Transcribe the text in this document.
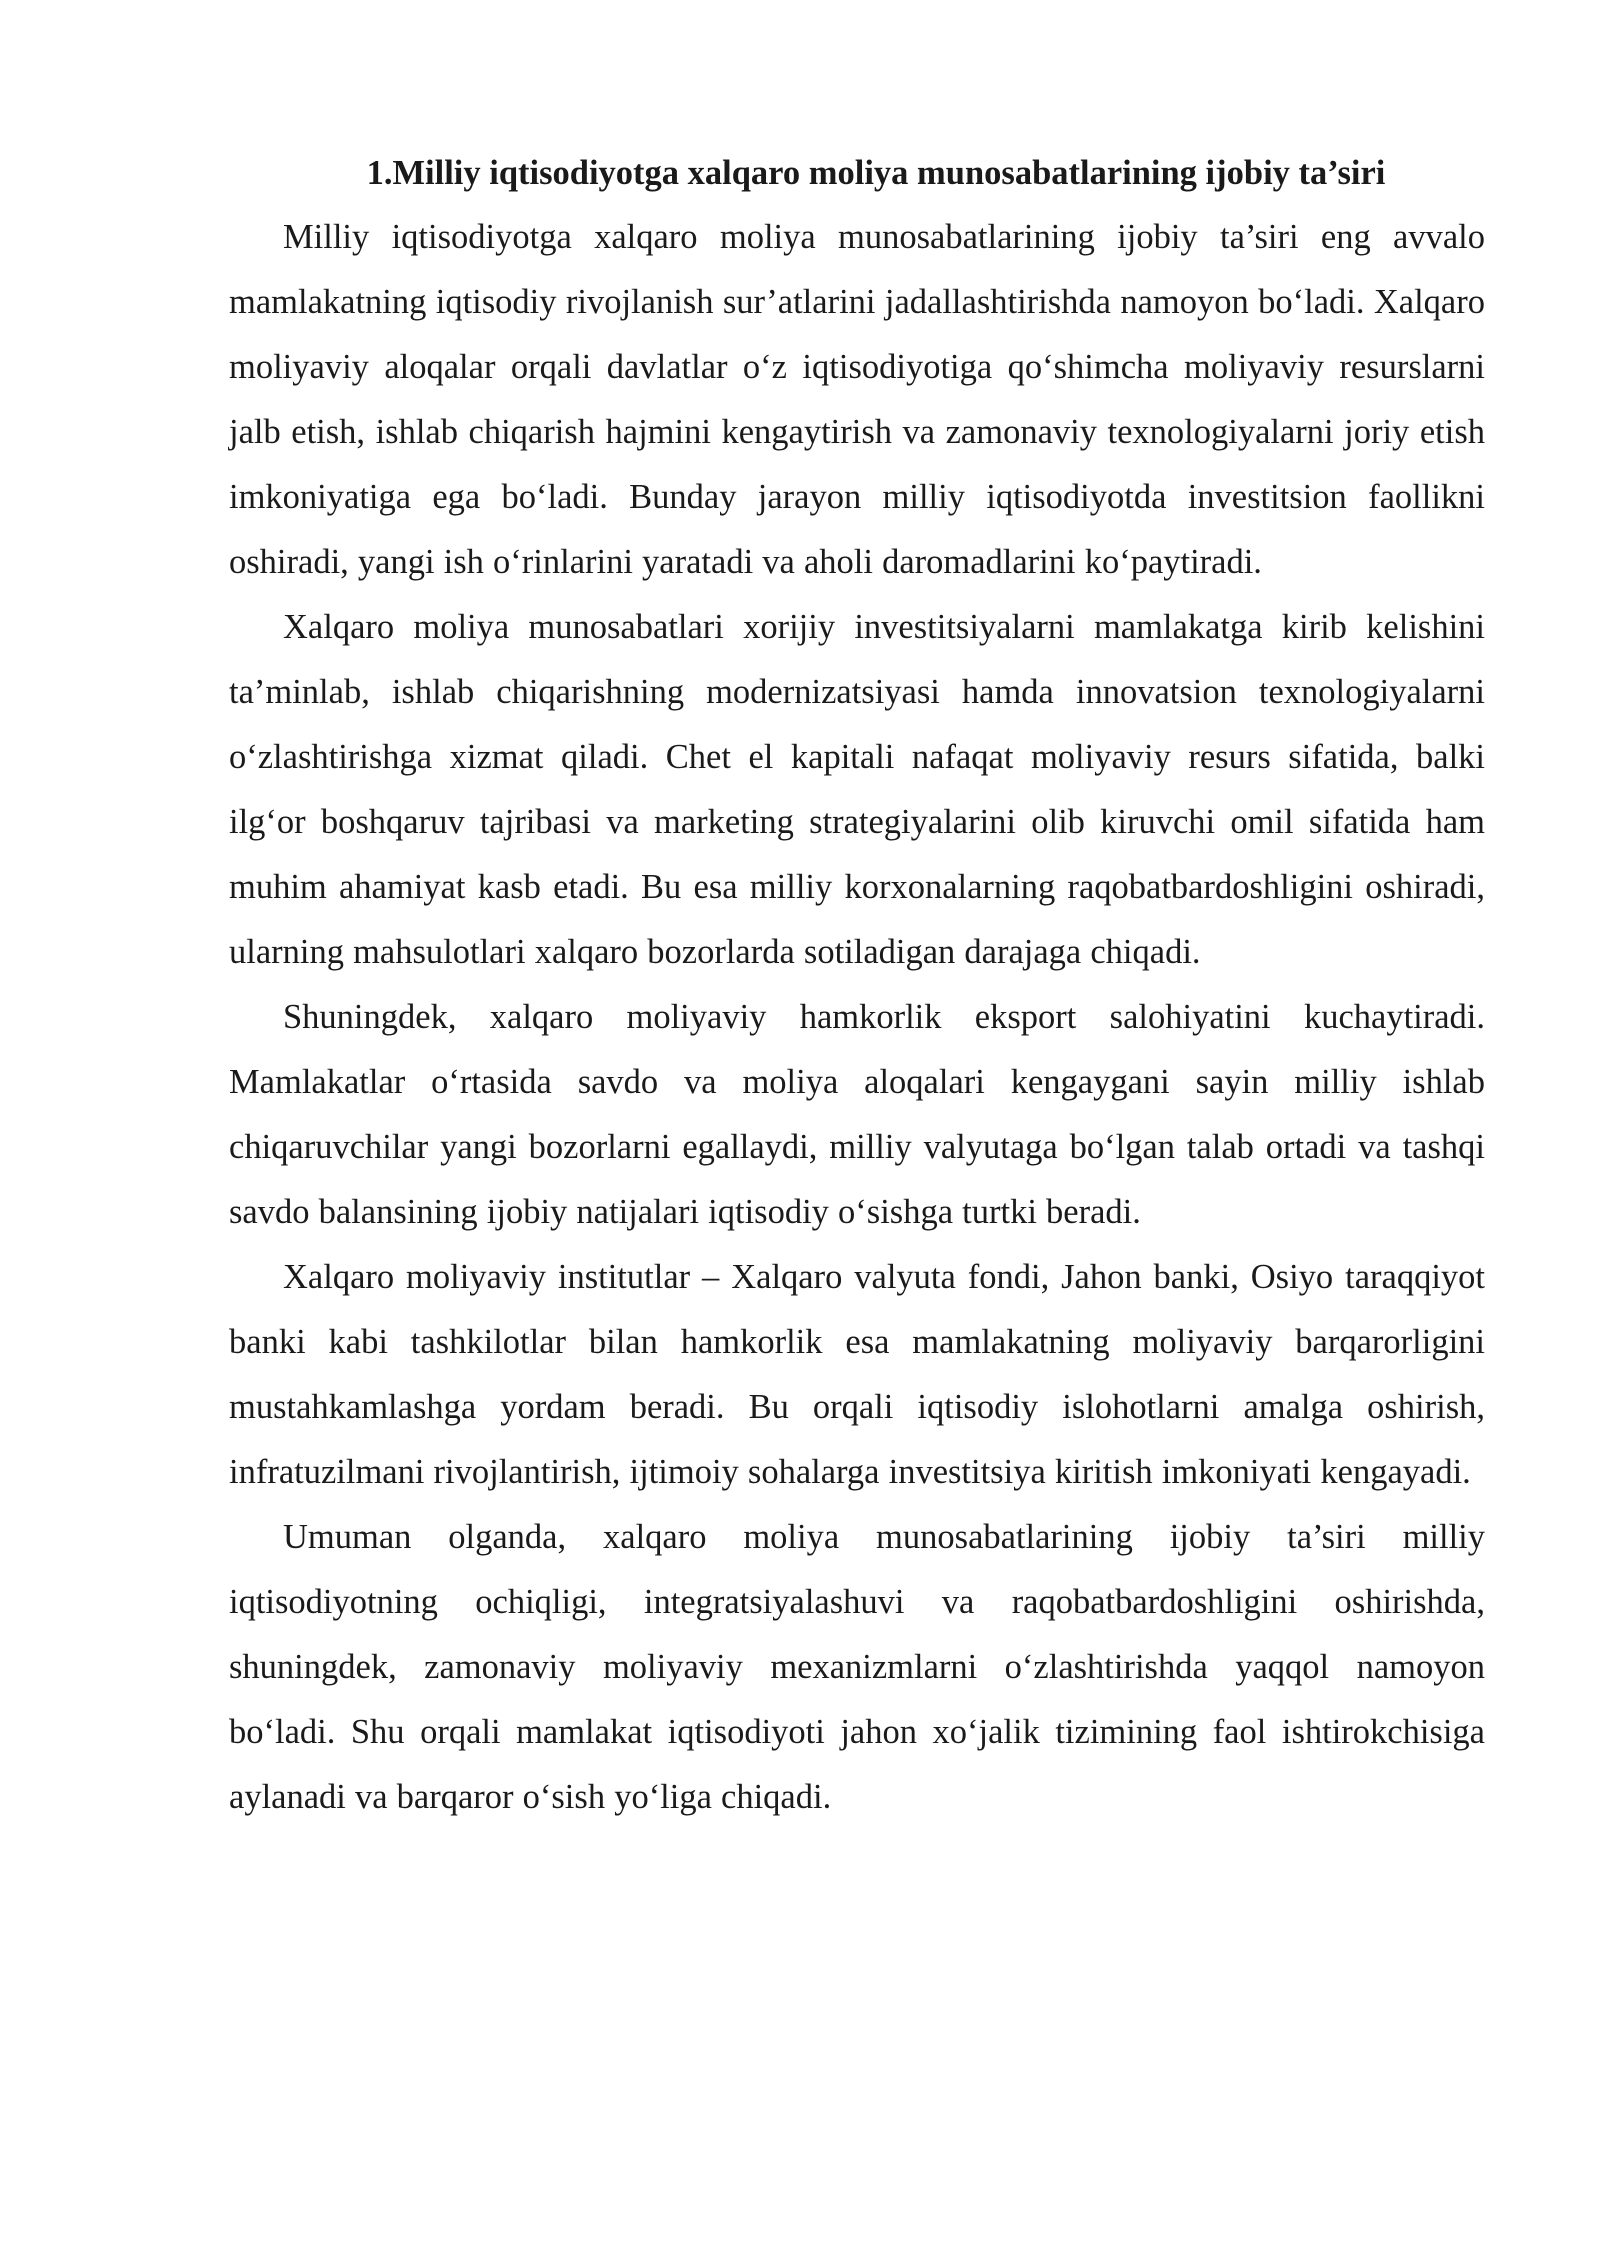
1.Milliy iqtisodiyotga xalqaro moliya munosabatlarining ijobiy ta’siri

Milliy iqtisodiyotga xalqaro moliya munosabatlarining ijobiy ta’siri eng avvalo mamlakatning iqtisodiy rivojlanish sur’atlarini jadallashtirishda namoyon bo‘ladi. Xalqaro moliyaviy aloqalar orqali davlatlar o‘z iqtisodiyotiga qo‘shimcha moliyaviy resurslarni jalb etish, ishlab chiqarish hajmini kengaytirish va zamonaviy texnologiyalarni joriy etish imkoniyatiga ega bo‘ladi. Bunday jarayon milliy iqtisodiyotda investitsion faollikni oshiradi, yangi ish o‘rinlarini yaratadi va aholi daromadlarini ko‘paytiradi.

Xalqaro moliya munosabatlari xorijiy investitsiyalarni mamlakatga kirib kelishini ta’minlab, ishlab chiqarishning modernizatsiyasi hamda innovatsion texnologiyalarni o‘zlashtirishga xizmat qiladi. Chet el kapitali nafaqat moliyaviy resurs sifatida, balki ilg‘or boshqaruv tajribasi va marketing strategiyalarini olib kiruvchi omil sifatida ham muhim ahamiyat kasb etadi. Bu esa milliy korxonalarning raqobatbardoshligini oshiradi, ularning mahsulotlari xalqaro bozorlarda sotiladigan darajaga chiqadi.

Shuningdek, xalqaro moliyaviy hamkorlik eksport salohiyatini kuchaytiradi. Mamlakatlar o‘rtasida savdo va moliya aloqalari kengaygani sayin milliy ishlab chiqaruvchilar yangi bozorlarni egallaydi, milliy valyutaga bo‘lgan talab ortadi va tashqi savdo balansining ijobiy natijalari iqtisodiy o‘sishga turtki beradi.

Xalqaro moliyaviy institutlar – Xalqaro valyuta fondi, Jahon banki, Osiyo taraqqiyot banki kabi tashkilotlar bilan hamkorlik esa mamlakatning moliyaviy barqarorligini mustahkamlashga yordam beradi. Bu orqali iqtisodiy islohotlarni amalga oshirish, infratuzilmani rivojlantirish, ijtimoiy sohalarga investitsiya kiritish imkoniyati kengayadi.

Umuman olganda, xalqaro moliya munosabatlarining ijobiy ta’siri milliy iqtisodiyotning ochiqligi, integratsiyalashuvi va raqobatbardoshligini oshirishda, shuningdek, zamonaviy moliyaviy mexanizmlarni o‘zlashtirishda yaqqol namoyon bo‘ladi. Shu orqali mamlakat iqtisodiyoti jahon xo‘jalik tizimining faol ishtirokchisiga aylanadi va barqaror o‘sish yo‘liga chiqadi.
